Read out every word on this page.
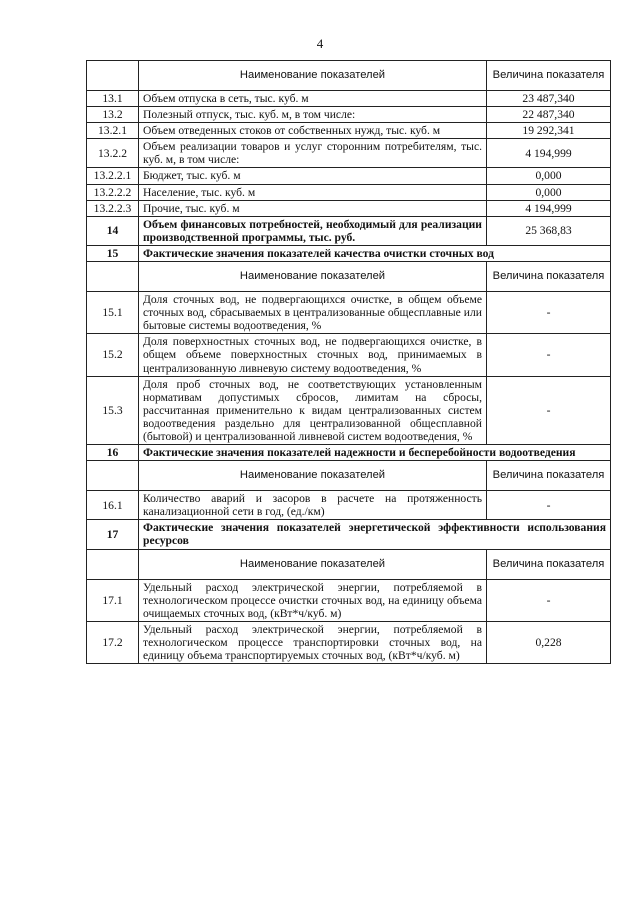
4
	Наименование показателей	Величина показателя
13.1	Объем отпуска в сеть, тыс. куб. м	23 487,340
13.2	Полезный отпуск, тыс. куб. м, в том числе:	22 487,340
13.2.1	Объем отведенных стоков от собственных нужд, тыс. куб. м	19 292,341
13.2.2	Объем реализации товаров и услуг сторонним потребителям, тыс. куб. м, в том числе:	4 194,999
13.2.2.1	Бюджет, тыс. куб. м	0,000
13.2.2.2	Население, тыс. куб. м	0,000
13.2.2.3	Прочие, тыс. куб. м	4 194,999
14	Объем финансовых потребностей, необходимый для реализации производственной программы, тыс. руб.	25 368,83
15	Фактические значения показателей качества очистки сточных вод	
	Наименование показателей	Величина показателя
15.1	Доля сточных вод, не подвергающихся очистке, в общем объеме сточных вод, сбрасываемых в централизованные общесплавные или бытовые системы водоотведения, %	-
15.2	Доля поверхностных сточных вод, не подвергающихся очистке, в общем объеме поверхностных сточных вод, принимаемых в централизованную ливневую систему водоотведения, %	-
15.3	Доля проб сточных вод, не соответствующих установленным нормативам допустимых сбросов, лимитам на сбросы, рассчитанная применительно к видам централизованных систем водоотведения раздельно для централизованной общесплавной (бытовой) и централизованной ливневой систем водоотведения, %	-
16	Фактические значения показателей надежности и бесперебойности водоотведения	
	Наименование показателей	Величина показателя
16.1	Количество аварий и засоров в расчете на протяженность канализационной сети в год, (ед./км)	-
17	Фактические значения показателей энергетической эффективности использования ресурсов	
	Наименование показателей	Величина показателя
17.1	Удельный расход электрической энергии, потребляемой в технологическом процессе очистки сточных вод, на единицу объема очищаемых сточных вод, (кВт*ч/куб. м)	-
17.2	Удельный расход электрической энергии, потребляемой в технологическом процессе транспортировки сточных вод, на единицу объема транспортируемых сточных вод, (кВт*ч/куб. м)	0,228
